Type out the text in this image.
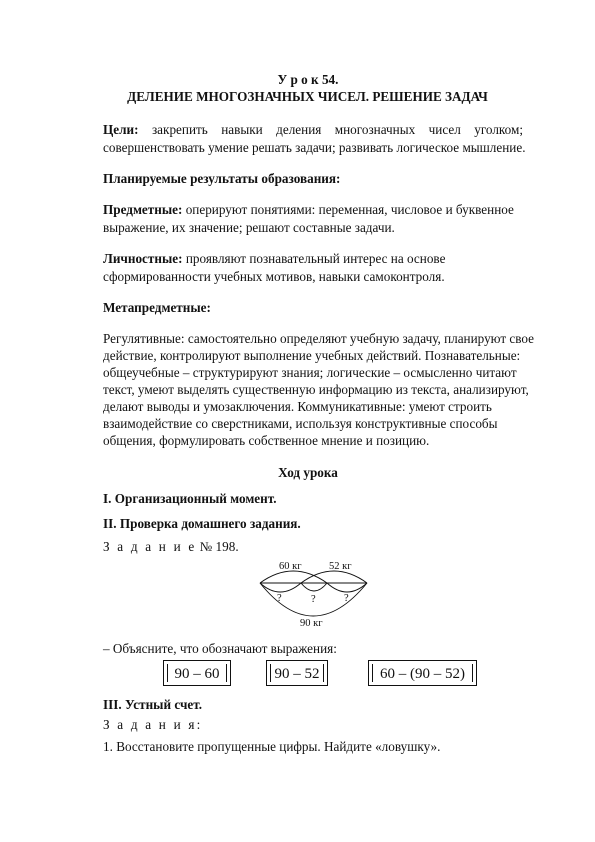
У р о к 54.
ДЕЛЕНИЕ МНОГОЗНАЧНЫХ ЧИСЕЛ. РЕШЕНИЕ ЗАДАЧ
Цели: закрепить навыки деления многозначных чисел уголком;
совершенствовать умение решать задачи; развивать логическое мышление.
Планируемые результаты образования:
Предметные: оперируют понятиями: переменная, числовое и буквенное
выражение, их значение; решают составные задачи.
Личностные: проявляют познавательный интерес на основе
сформированности учебных мотивов, навыки самоконтроля.
Метапредметные:
Регулятивные: самостоятельно определяют учебную задачу, планируют свое
действие, контролируют выполнение учебных действий. Познавательные:
общеучебные – структурируют знания; логические – осмысленно читают
текст, умеют выделять существенную информацию из текста, анализируют,
делают выводы и умозаключения. Коммуникативные: умеют строить
взаимодействие со сверстниками, используя конструктивные способы
общения, формулировать собственное мнение и позицию.
Ход урока
I. Организационный момент.
II. Проверка домашнего задания.
З а д а н и е № 198.
60 кг	52 кг
?	?	?
90 кг
– Объясните, что обозначают выражения:
90 – 60	90 – 52	60 – (90 – 52)
III. Устный счет.
З а д а н и я:
1. Восстановите пропущенные цифры. Найдите «ловушку».
